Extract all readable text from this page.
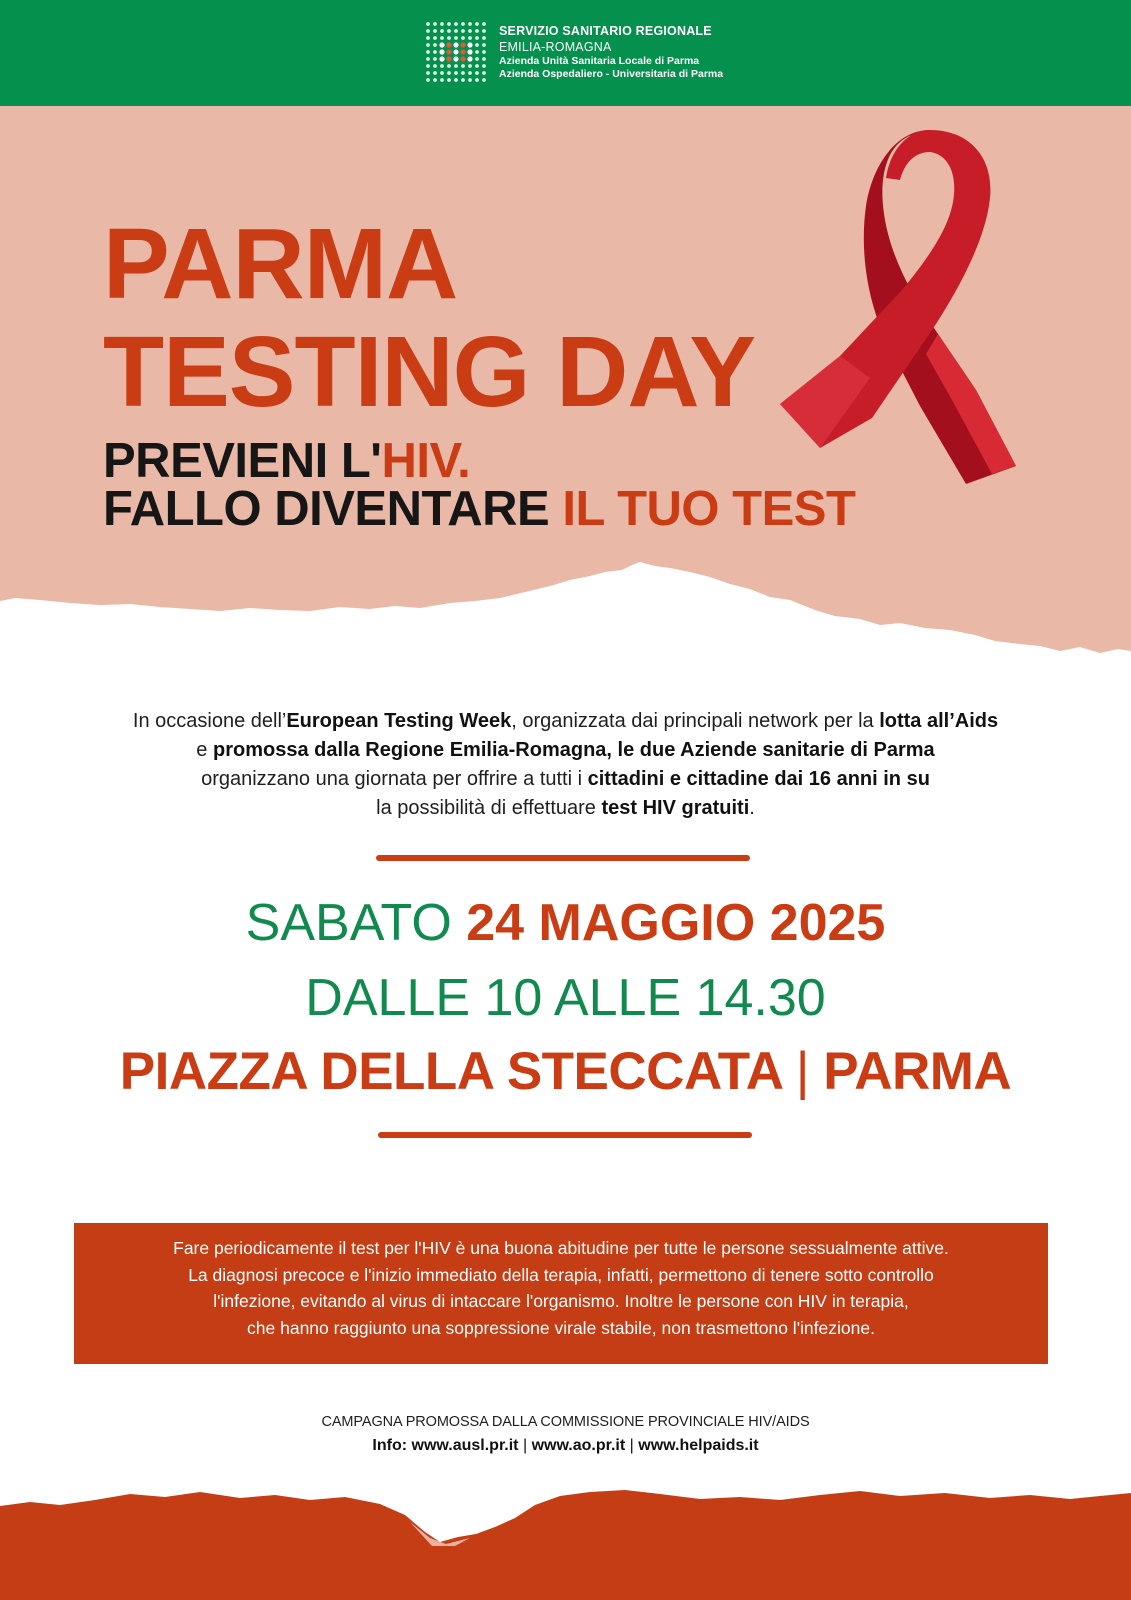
SERVIZIO SANITARIO REGIONALE
EMILIA-ROMAGNA
Azienda Unità Sanitaria Locale di Parma
Azienda Ospedaliero - Universitaria di Parma
PARMA
TESTING DAY
PREVIENI L'HIV.
FALLO DIVENTARE IL TUO TEST
In occasione dell’European Testing Week, organizzata dai principali network per la lotta all’Aids
e promossa dalla Regione Emilia-Romagna, le due Aziende sanitarie di Parma
organizzano una giornata per offrire a tutti i cittadini e cittadine dai 16 anni in su
la possibilità di effettuare test HIV gratuiti.
SABATO 24 MAGGIO 2025
DALLE 10 ALLE 14.30
PIAZZA DELLA STECCATA | PARMA
Fare periodicamente il test per l'HIV è una buona abitudine per tutte le persone sessualmente attive.
La diagnosi precoce e l'inizio immediato della terapia, infatti, permettono di tenere sotto controllo
l'infezione, evitando al virus di intaccare l'organismo. Inoltre le persone con HIV in terapia,
che hanno raggiunto una soppressione virale stabile, non trasmettono l'infezione.
CAMPAGNA PROMOSSA DALLA COMMISSIONE PROVINCIALE HIV/AIDS
Info: www.ausl.pr.it | www.ao.pr.it | www.helpaids.it
